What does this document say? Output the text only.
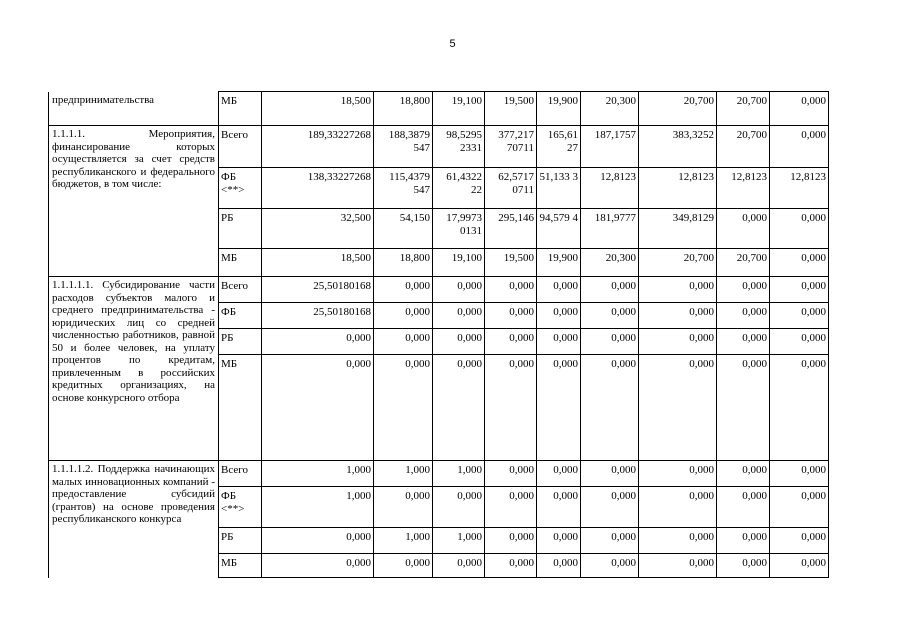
5
предпринимательства	МБ	18,500	18,800	19,100	19,500	19,900	20,300	20,700	20,700	0,000
1.1.1.1. Мероприятия, финансирование которых осуществляется за счет средств республиканского и федерального бюджетов, в том числе:	Всего	189,33227268	188,3879 547	98,5295 2331	377,217 70711	165,61 27	187,1757	383,3252	20,700	0,000
	ФБ <**>	138,33227268	115,4379 547	61,4322 22	62,5717 0711	51,133 3	12,8123	12,8123	12,8123	12,8123
	РБ	32,500	54,150	17,9973 0131	295,146	94,579 4	181,9777	349,8129	0,000	0,000
	МБ	18,500	18,800	19,100	19,500	19,900	20,300	20,700	20,700	0,000
1.1.1.1.1. Субсидирование части расходов субъектов малого и среднего предпринимательства - юридических лиц со средней численностью работников, равной 50 и более человек, на уплату процентов по кредитам, привлеченным в российских кредитных организациях, на основе конкурсного отбора	Всего	25,50180168	0,000	0,000	0,000	0,000	0,000	0,000	0,000	0,000
	ФБ	25,50180168	0,000	0,000	0,000	0,000	0,000	0,000	0,000	0,000
	РБ	0,000	0,000	0,000	0,000	0,000	0,000	0,000	0,000	0,000
	МБ	0,000	0,000	0,000	0,000	0,000	0,000	0,000	0,000	0,000
1.1.1.1.2. Поддержка начинающих малых инновационных компаний - предоставление субсидий (грантов) на основе проведения республиканского конкурса	Всего	1,000	1,000	1,000	0,000	0,000	0,000	0,000	0,000	0,000
	ФБ <**>	1,000	0,000	0,000	0,000	0,000	0,000	0,000	0,000	0,000
	РБ	0,000	1,000	1,000	0,000	0,000	0,000	0,000	0,000	0,000
	МБ	0,000	0,000	0,000	0,000	0,000	0,000	0,000	0,000	0,000
